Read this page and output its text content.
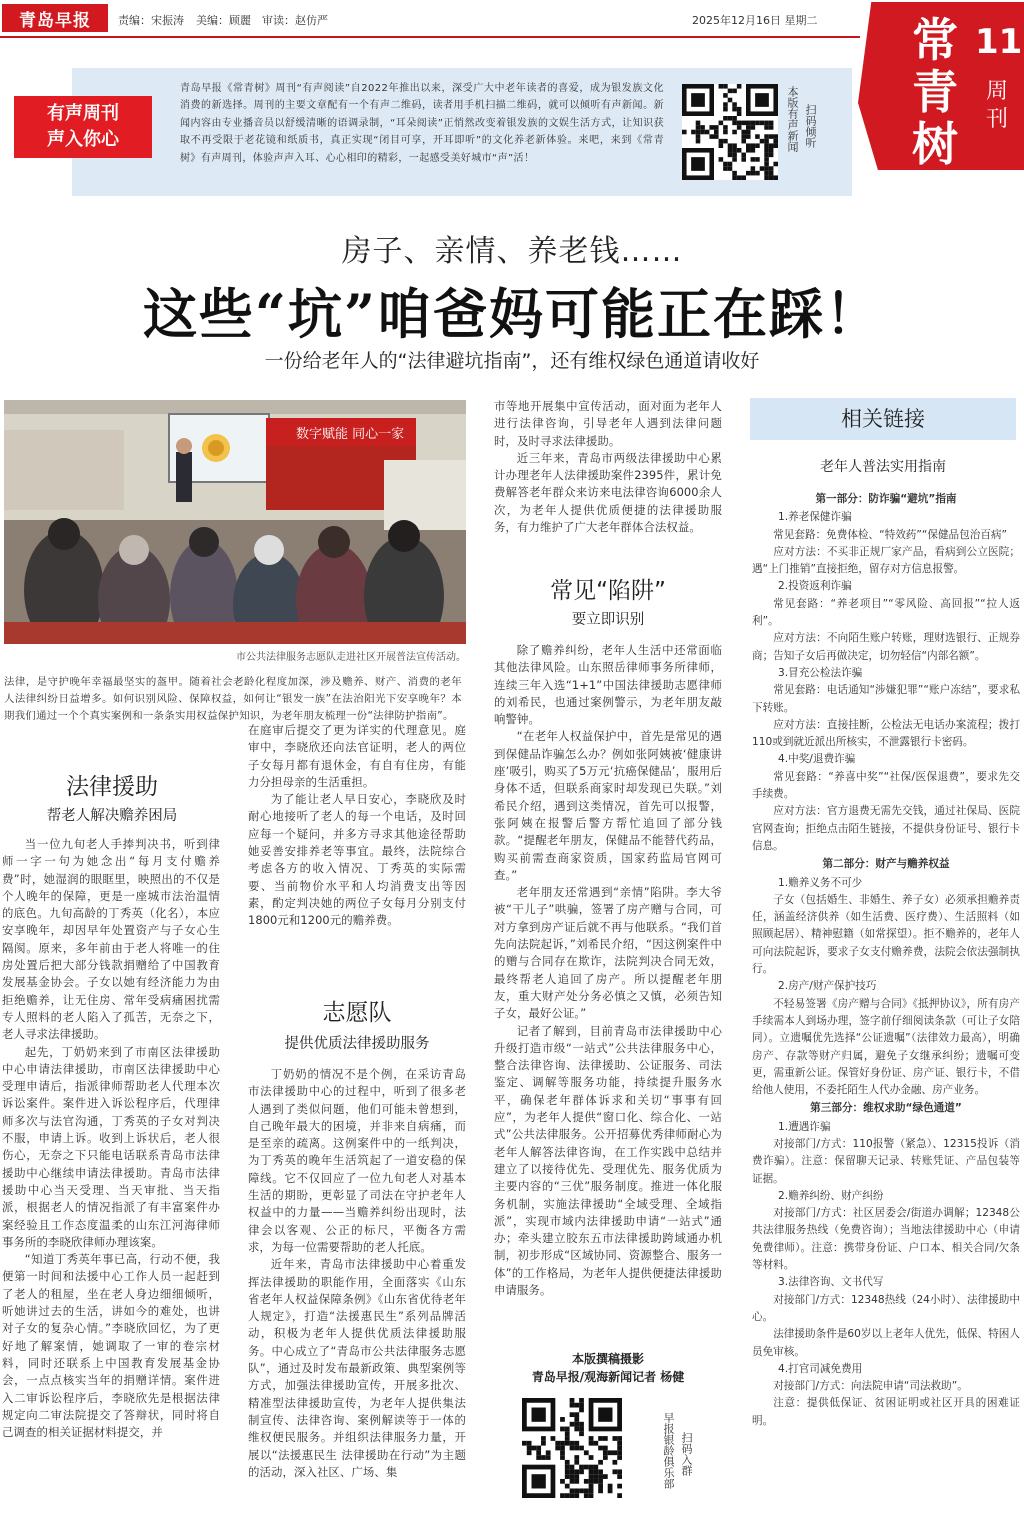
青岛早报	责编：宋振涛 美编：顾麗 审读：赵仿严	2025年12月16日 星期二 常青树
11
周刊
有声周刊
声入你心
青岛早报《常青树》周刊“有声阅读”自2022年推出以来，深受广大中老年读者的喜爱，成为银发族文化消费的新选择。周刊的主要文章配有一个有声二维码，读者用手机扫描二维码，就可以倾听有声新闻。新闻内容由专业播音员以舒缓清晰的语调录制，“耳朵阅读”正悄然改变着银发族的文娱生活方式，让知识获取不再受限于老花镜和纸质书，真正实现“闭目可享，开耳即听”的文化养老新体验。来吧，来到《常青树》有声周刊，体验声声入耳、心心相印的精彩，一起感受美好城市“声”活！
本版有声新闻 扫码倾听
房子、亲情、养老钱……
这些“坑”咱爸妈可能正在踩！
一份给老年人的“法律避坑指南”，还有维权绿色通道请收好
数字赋能 同心一家
市公共法律服务志愿队走进社区开展普法宣传活动。
法律，是守护晚年幸福最坚实的盔甲。随着社会老龄化程度加深，涉及赡养、财产、消费的老年人法律纠纷日益增多。如何识别风险、保障权益，如何让“银发一族”在法治阳光下安享晚年？本期我们通过一个个真实案例和一条条实用权益保护知识，为老年朋友梳理一份“法律防护指南”。
法律援助
帮老人解决赡养困局

当一位九旬老人手捧判决书，听到律师一字一句为她念出“每月支付赡养费”时，她湿润的眼眶里，映照出的不仅是个人晚年的保障，更是一座城市法治温情的底色。九旬高龄的丁秀英（化名），本应安享晚年，却因早年处置资产与子女心生隔阂。原来，多年前由于老人将唯一的住房处置后把大部分钱款捐赠给了中国教育发展基金协会。子女以她有经济能力为由拒绝赡养，让无住房、常年受病痛困扰需专人照料的老人陷入了孤苦，无奈之下，老人寻求法律援助。

起先，丁奶奶来到了市南区法律援助中心申请法律援助，市南区法律援助中心受理申请后，指派律师帮助老人代理本次诉讼案件。案件进入诉讼程序后，代理律师多次与法官沟通，丁秀英的子女对判决不服，申请上诉。收到上诉状后，老人很伤心，无奈之下只能电话联系青岛市法律援助中心继续申请法律援助。青岛市法律援助中心当天受理、当天审批、当天指派，根据老人的情况指派了有丰富案件办案经验且工作态度温柔的山东江河海律师事务所的李晓欣律师办理该案。

“知道丁秀英年事已高，行动不便，我便第一时间和法援中心工作人员一起赶到了老人的租屋，坐在老人身边细细倾听，听她讲过去的生活，讲如今的难处，也讲对子女的复杂心情。”李晓欣回忆，为了更好地了解案情，她调取了一审的卷宗材料，同时还联系上中国教育发展基金协会，一点点核实当年的捐赠详情。案件进入二审诉讼程序后，李晓欣先是根据法律规定向二审法院提交了答辩状，同时将自己调查的相关证据材料提交，并

在庭审后提交了更为详实的代理意见。庭审中，李晓欣还向法官证明，老人的两位子女每月都有退休金，有自有住房，有能力分担母亲的生活重担。

为了能让老人早日安心，李晓欣及时耐心地接听了老人的每一个电话，及时回应每一个疑问，并多方寻求其他途径帮助她妥善安排养老等事宜。最终，法院综合考虑各方的收入情况、丁秀英的实际需要、当前物价水平和人均消费支出等因素，酌定判决她的两位子女每月分别支付1800元和1200元的赡养费。

志愿队
提供优质法律援助服务

丁奶奶的情况不是个例，在采访青岛市法律援助中心的过程中，听到了很多老人遇到了类似问题，他们可能未曾想到，自己晚年最大的困境，并非来自病痛，而是至亲的疏离。这例案件中的一纸判决，为丁秀英的晚年生活筑起了一道安稳的保障线。它不仅回应了一位九旬老人对基本生活的期盼，更彰显了司法在守护老年人权益中的力量——当赡养纠纷出现时，法律会以客观、公正的标尺，平衡各方需求，为每一位需要帮助的老人托底。

近年来，青岛市法律援助中心着重发挥法律援助的职能作用，全面落实《山东省老年人权益保障条例》《山东省优待老年人规定》，打造“法援惠民生”系列品牌活动，积极为老年人提供优质法律援助服务。中心成立了“青岛市公共法律服务志愿队”，通过及时发布最新政策、典型案例等方式，加强法律援助宣传，开展多批次、精准型法律援助宣传，为老年人提供集法制宣传、法律咨询、案例解读等于一体的维权便民服务。并组织法律服务力量，开展以“法援惠民生 法律援助在行动”为主题的活动，深入社区、广场、集

市等地开展集中宣传活动，面对面为老年人进行法律咨询，引导老年人遇到法律问题时，及时寻求法律援助。

近三年来，青岛市两级法律援助中心累计办理老年人法律援助案件2395件，累计免费解答老年群众来访来电法律咨询6000余人次，为老年人提供优质便捷的法律援助服务，有力维护了广大老年群体合法权益。

常见“陷阱”
要立即识别

除了赡养纠纷，老年人生活中还常面临其他法律风险。山东照岳律师事务所律师，连续三年入选“1+1”中国法律援助志愿律师的刘希民，也通过案例警示，为老年朋友敲响警钟。

“在老年人权益保护中，首先是常见的遇到保健品诈骗怎么办？例如张阿姨被‘健康讲座’吸引，购买了5万元‘抗癌保健品’，服用后身体不适，但联系商家时却发现已失联。”刘希民介绍，遇到这类情况，首先可以报警，张阿姨在报警后警方帮忙追回了部分钱款。“提醒老年朋友，保健品不能替代药品，购买前需查商家资质，国家药监局官网可查。”

老年朋友还常遇到“亲情”陷阱。李大爷被“干儿子”哄骗，签署了房产赠与合同，可对方拿到房产证后就不再与他联系。“我们首先向法院起诉，”刘希民介绍，“因这例案件中的赠与合同存在欺诈，法院判决合同无效，最终帮老人追回了房产。所以提醒老年朋友，重大财产处分务必慎之又慎，必须告知子女，最好公证。”

记者了解到，目前青岛市法律援助中心升级打造市级“一站式”公共法律服务中心，整合法律咨询、法律援助、公证服务、司法鉴定、调解等服务功能，持续提升服务水平，确保老年群体诉求和关切“事事有回应”，为老年人提供“窗口化、综合化、一站式”公共法律服务。公开招募优秀律师耐心为老年人解答法律咨询，在工作实践中总结并建立了以接待优先、受理优先、服务优质为主要内容的“三优”服务制度。推进一体化服务机制，实施法律援助“全域受理、全域指派”，实现市域内法律援助申请“一站式”通办；牵头建立胶东五市法律援助跨域通办机制，初步形成“区域协同、资源整合、服务一体”的工作格局，为老年人提供便捷法律援助申请服务。

本版撰稿摄影
青岛早报/观海新闻记者 杨健
早报银龄俱乐部 扫码入群
相关链接
老年人普法实用指南
第一部分：防诈骗“避坑”指南
1.养老保健诈骗
常见套路：免费体检、“特效药”“保健品包治百病”
应对方法：不买非正规厂家产品，看病到公立医院；遇“上门推销”直接拒绝，留存对方信息报警。
2.投资返利诈骗
常见套路：“养老项目”“零风险、高回报”“拉人返利”。
应对方法：不向陌生账户转账，理财选银行、正规券商；告知子女后再做决定，切勿轻信“内部名额”。
3.冒充公检法诈骗
常见套路：电话通知“涉嫌犯罪”“账户冻结”，要求私下转账。
应对方法：直接挂断，公检法无电话办案流程；拨打110或到就近派出所核实，不泄露银行卡密码。
4.中奖/退费诈骗
常见套路：“养喜中奖”“社保/医保退费”，要求先交手续费。
应对方法：官方退费无需先交钱，通过社保局、医院官网查询；拒绝点击陌生链接，不提供身份证号、银行卡信息。
第二部分：财产与赡养权益
1.赡养义务不可少
子女（包括婚生、非婚生、养子女）必须承担赡养责任，涵盖经济供养（如生活费、医疗费）、生活照料（如照顾起居）、精神慰籍（如常探望）。拒不赡养的，老年人可向法院起诉，要求子女支付赡养费，法院会依法强制执行。
2.房产/财产保护技巧
不轻易签署《房产赠与合同》《抵押协议》，所有房产手续需本人到场办理，签字前仔细阅读条款（可让子女陪同）。立遗嘱优先选择“公证遗嘱”（法律效力最高），明确房产、存款等财产归属，避免子女继承纠纷；遗嘱可变更，需重新公证。保管好身份证、房产证、银行卡，不借给他人使用，不委托陌生人代办金融、房产业务。
第三部分：维权求助“绿色通道”
1.遭遇诈骗
对接部门/方式：110报警（紧急）、12315投诉（消费诈骗）。注意：保留聊天记录、转账凭证、产品包装等证据。
2.赡养纠纷、财产纠纷
对接部门/方式：社区居委会/街道办调解；12348公共法律服务热线（免费咨询）；当地法律援助中心（申请免费律师）。注意：携带身份证、户口本、相关合同/欠条等材料。
3.法律咨询、文书代写
对接部门/方式：12348热线（24小时）、法律援助中心。
法律援助条件是60岁以上老年人优先，低保、特困人员免审核。
4.打官司减免费用
对接部门/方式：向法院申请“司法救助”。
注意：提供低保证、贫困证明或社区开具的困难证明。
